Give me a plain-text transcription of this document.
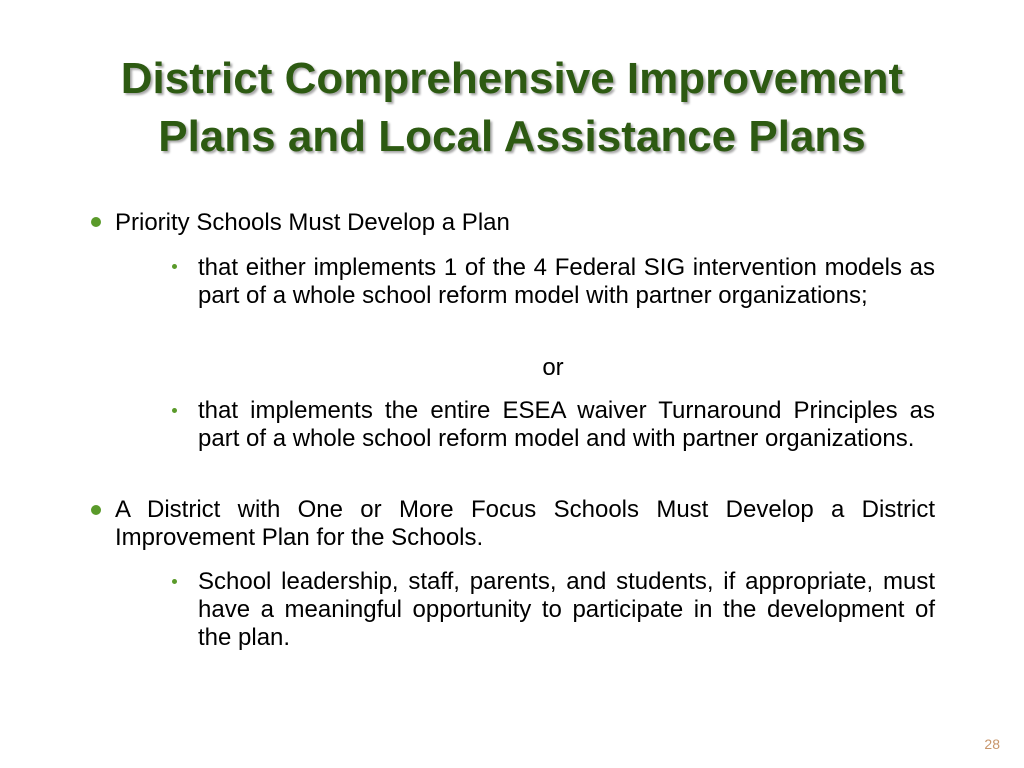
District Comprehensive Improvement
Plans and Local Assistance Plans
Priority Schools Must Develop a Plan
that either implements 1 of the 4 Federal SIG intervention models as part of a whole school reform model with partner organizations;
or
that implements the entire ESEA waiver Turnaround Principles as part of a whole school reform model and with partner organizations.
A District with One or More Focus Schools Must Develop a District Improvement Plan for the Schools.
School leadership, staff, parents, and students, if appropriate, must have a meaningful opportunity to participate in the development of the plan.
28
